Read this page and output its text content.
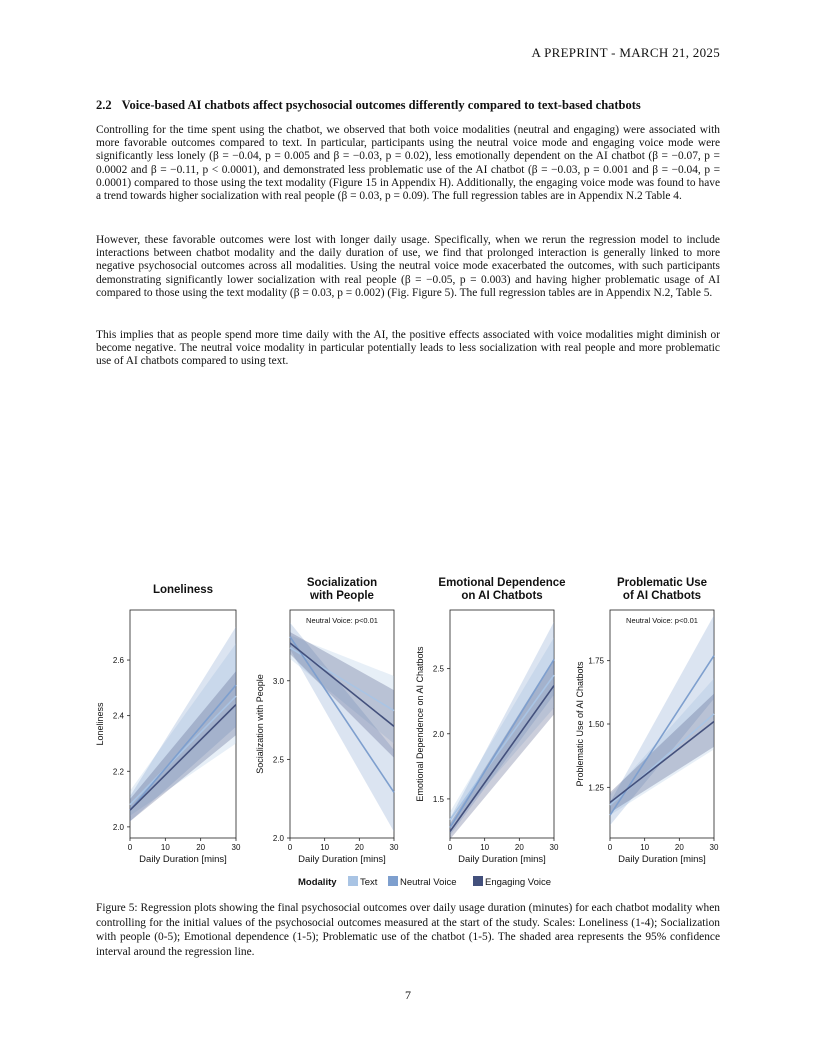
A PREPRINT - MARCH 21, 2025
2.2 Voice-based AI chatbots affect psychosocial outcomes differently compared to text-based chatbots
Controlling for the time spent using the chatbot, we observed that both voice modalities (neutral and engaging) were associated with more favorable outcomes compared to text. In particular, participants using the neutral voice mode and engaging voice mode were significantly less lonely (β = −0.04, p = 0.005 and β = −0.03, p = 0.02), less emotionally dependent on the AI chatbot (β = −0.07, p = 0.0002 and β = −0.11, p < 0.0001), and demonstrated less problematic use of the AI chatbot (β = −0.03, p = 0.001 and β = −0.04, p = 0.0001) compared to those using the text modality (Figure 15 in Appendix H). Additionally, the engaging voice mode was found to have a trend towards higher socialization with real people (β = 0.03, p = 0.09). The full regression tables are in Appendix N.2 Table 4.
However, these favorable outcomes were lost with longer daily usage. Specifically, when we rerun the regression model to include interactions between chatbot modality and the daily duration of use, we find that prolonged interaction is generally linked to more negative psychosocial outcomes across all modalities. Using the neutral voice mode exacerbated the outcomes, with such participants demonstrating significantly lower socialization with real people (β = −0.05, p = 0.003) and having higher problematic usage of AI compared to those using the text modality (β = 0.03, p = 0.002) (Fig. Figure 5). The full regression tables are in Appendix N.2, Table 5.
This implies that as people spend more time daily with the AI, the positive effects associated with voice modalities might diminish or become negative. The neutral voice modality in particular potentially leads to less socialization with real people and more problematic use of AI chatbots compared to using text.
Loneliness
0	10	20	30
2.0
2.2
2.4
2.6
Daily Duration [mins]
Loneliness
Socialization with People
0	10	20	30
2.0
2.5
3.0
Daily Duration [mins]
Socialization with People
Neutral Voice: p<0.01
Emotional Dependence on AI Chatbots
0	10	20	30
1.5
2.0
2.5
Daily Duration [mins]
Emotional Dependence on AI Chatbots
Problematic Use of AI Chatbots
0	10	20	30
1.25
1.50
1.75
Daily Duration [mins]
Problematic Use of AI Chatbots
Neutral Voice: p<0.01
Modality Text Neutral Voice	Engaging Voice
Figure 5: Regression plots showing the final psychosocial outcomes over daily usage duration (minutes) for each chatbot modality when controlling for the initial values of the psychosocial outcomes measured at the start of the study. Scales: Loneliness (1-4); Socialization with people (0-5); Emotional dependence (1-5); Problematic use of the chatbot (1-5). The shaded area represents the 95% confidence interval around the regression line.
7
